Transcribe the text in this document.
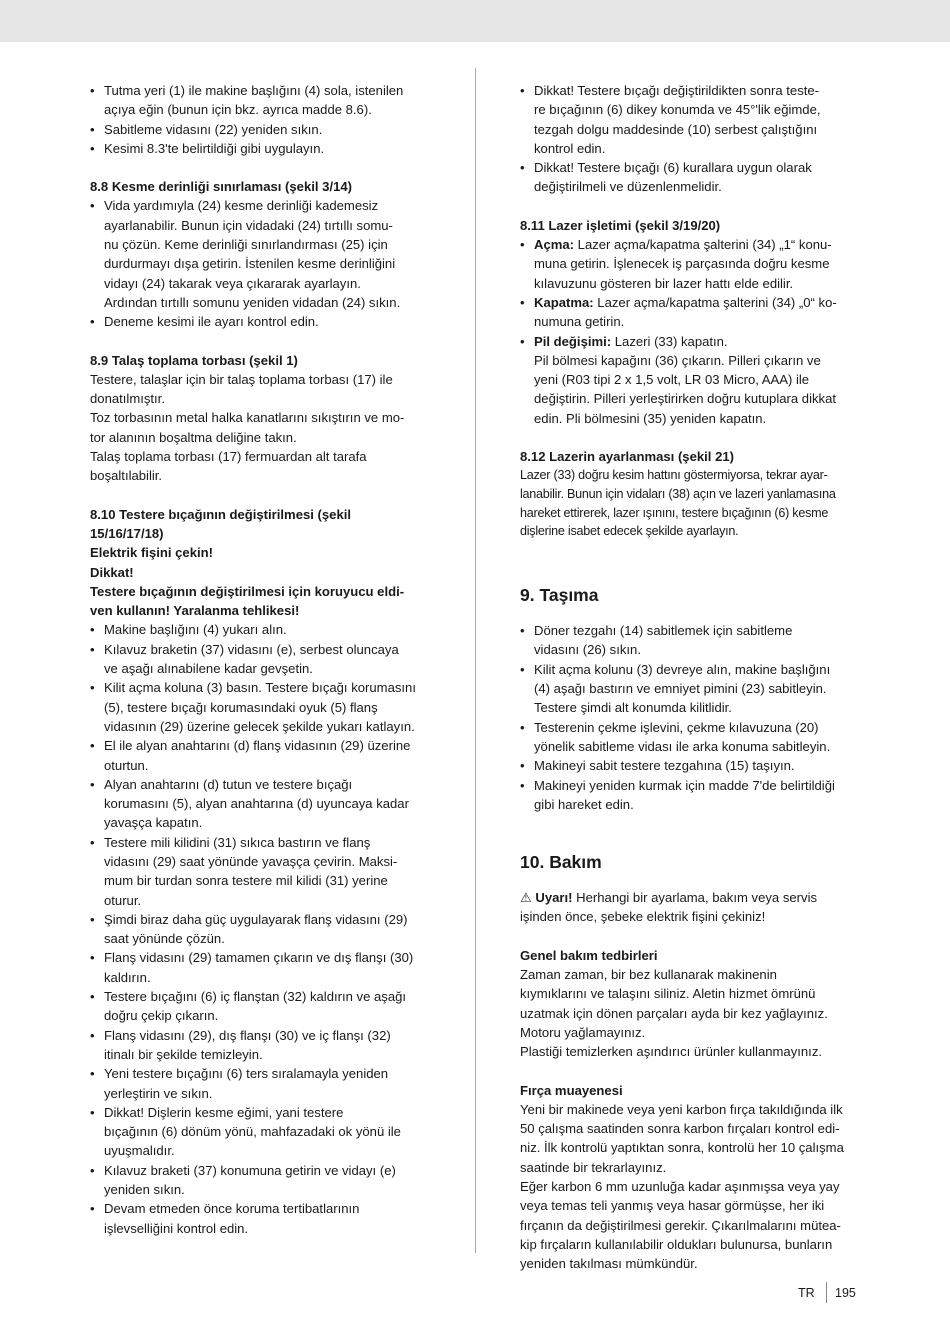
• Tutma yeri (1) ile makine başlığını (4) sola, istenilen
açıya eğin (bunun için bkz. ayrıca madde 8.6).
• Sabitleme vidasını (22) yeniden sıkın.
• Kesimi 8.3'te belirtildiği gibi uygulayın.
8.8 Kesme derinliği sınırlaması (şekil 3/14)
• Vida yardımıyla (24) kesme derinliği kademesiz
ayarlanabilir. Bunun için vidadaki (24) tırtıllı somu-
nu çözün. Keme derinliği sınırlandırması (25) için
durdurmayı dışa getirin. İstenilen kesme derinliğini
vidayı (24) takarak veya çıkararak ayarlayın.
Ardından tırtıllı somunu yeniden vidadan (24) sıkın.
• Deneme kesimi ile ayarı kontrol edin.
8.9 Talaş toplama torbası (şekil 1)

Testere, talaşlar için bir talaş toplama torbası (17) ile
donatılmıştır.
Toz torbasının metal halka kanatlarını sıkıştırın ve mo-
tor alanının boşaltma deliğine takın.
Talaş toplama torbası (17) fermuardan alt tarafa
boşaltılabilir.

8.10 Testere bıçağının değiştirilmesi (şekil
15/16/17/18)

Elektrik fişini çekin!
Dikkat!
Testere bıçağının değiştirilmesi için koruyucu eldi-
ven kullanın! Yaralanma tehlikesi!

• Makine başlığını (4) yukarı alın.
• Kılavuz braketin (37) vidasını (e), serbest oluncaya
ve aşağı alınabilene kadar gevşetin.
• Kilit açma koluna (3) basın. Testere bıçağı korumasını
(5), testere bıçağı korumasındaki oyuk (5) flanş
vidasının (29) üzerine gelecek şekilde yukarı katlayın.
• El ile alyan anahtarını (d) flanş vidasının (29) üzerine
oturtun.
• Alyan anahtarını (d) tutun ve testere bıçağı
korumasını (5), alyan anahtarına (d) uyuncaya kadar
yavaşça kapatın.
• Testere mili kilidini (31) sıkıca bastırın ve flanş
vidasını (29) saat yönünde yavaşça çevirin. Maksi-
mum bir turdan sonra testere mil kilidi (31) yerine
oturur.
• Şimdi biraz daha güç uygulayarak flanş vidasını (29)
saat yönünde çözün.
• Flanş vidasını (29) tamamen çıkarın ve dış flanşı (30)
kaldırın.
• Testere bıçağını (6) iç flanştan (32) kaldırın ve aşağı
doğru çekip çıkarın.
• Flanş vidasını (29), dış flanşı (30) ve iç flanşı (32)
itinalı bir şekilde temizleyin.
• Yeni testere bıçağını (6) ters sıralamayla yeniden
yerleştirin ve sıkın.
• Dikkat! Dişlerin kesme eğimi, yani testere
bıçağının (6) dönüm yönü, mahfazadaki ok yönü ile
uyuşmalıdır.
• Kılavuz braketi (37) konumuna getirin ve vidayı (e)
yeniden sıkın.
• Devam etmeden önce koruma tertibatlarının
işlevselliğini kontrol edin.
• Dikkat! Testere bıçağı değiştirildikten sonra teste-
re bıçağının (6) dikey konumda ve 45°'lik eğimde,
tezgah dolgu maddesinde (10) serbest çalıştığını
kontrol edin.
• Dikkat! Testere bıçağı (6) kurallara uygun olarak
değiştirilmeli ve düzenlenmelidir.
8.11 Lazer işletimi (şekil 3/19/20)
• Açma: Lazer açma/kapatma şalterini (34) „1“ konu-
muna getirin. İşlenecek iş parçasında doğru kesme
kılavuzunu gösteren bir lazer hattı elde edilir.
• Kapatma: Lazer açma/kapatma şalterini (34) „0“ ko-
numuna getirin.
• Pil değişimi: Lazeri (33) kapatın.
Pil bölmesi kapağını (36) çıkarın. Pilleri çıkarın ve
yeni (R03 tipi 2 x 1,5 volt, LR 03 Micro, AAA) ile
değiştirin. Pilleri yerleştirirken doğru kutuplara dikkat
edin. Pli bölmesini (35) yeniden kapatın.
8.12 Lazerin ayarlanması (şekil 21)

Lazer (33) doğru kesim hattını göstermiyorsa, tekrar ayar-
lanabilir. Bunun için vidaları (38) açın ve lazeri yanlamasına
hareket ettirerek, lazer ışınını, testere bıçağının (6) kesme
dişlerine isabet edecek şekilde ayarlayın.

9. Taşıma
• Döner tezgahı (14) sabitlemek için sabitleme
vidasını (26) sıkın.
• Kilit açma kolunu (3) devreye alın, makine başlığını
(4) aşağı bastırın ve emniyet pimini (23) sabitleyin.
Testere şimdi alt konumda kilitlidir.
• Testerenin çekme işlevini, çekme kılavuzuna (20)
yönelik sabitleme vidası ile arka konuma sabitleyin.
• Makineyi sabit testere tezgahına (15) taşıyın.
• Makineyi yeniden kurmak için madde 7'de belirtildiği
gibi hareket edin.
10. Bakım

⚠ Uyarı! Herhangi bir ayarlama, bakım veya servis
işinden önce, şebeke elektrik fişini çekiniz!

Genel bakım tedbirleri

Zaman zaman, bir bez kullanarak makinenin
kıymıklarını ve talaşını siliniz. Aletin hizmet ömrünü
uzatmak için dönen parçaları ayda bir kez yağlayınız.
Motoru yağlamayınız.
Plastiği temizlerken aşındırıcı ürünler kullanmayınız.

Fırça muayenesi

Yeni bir makinede veya yeni karbon fırça takıldığında ilk
50 çalışma saatinden sonra karbon fırçaları kontrol edi-
niz. İlk kontrolü yaptıktan sonra, kontrolü her 10 çalışma
saatinde bir tekrarlayınız.
Eğer karbon 6 mm uzunluğa kadar aşınmışsa veya yay
veya temas teli yanmış veya hasar görmüşse, her iki
fırçanın da değiştirilmesi gerekir. Çıkarılmalarını mütea-
kip fırçaların kullanılabilir oldukları bulunursa, bunların
yeniden takılması mümkündür.

TR 195
